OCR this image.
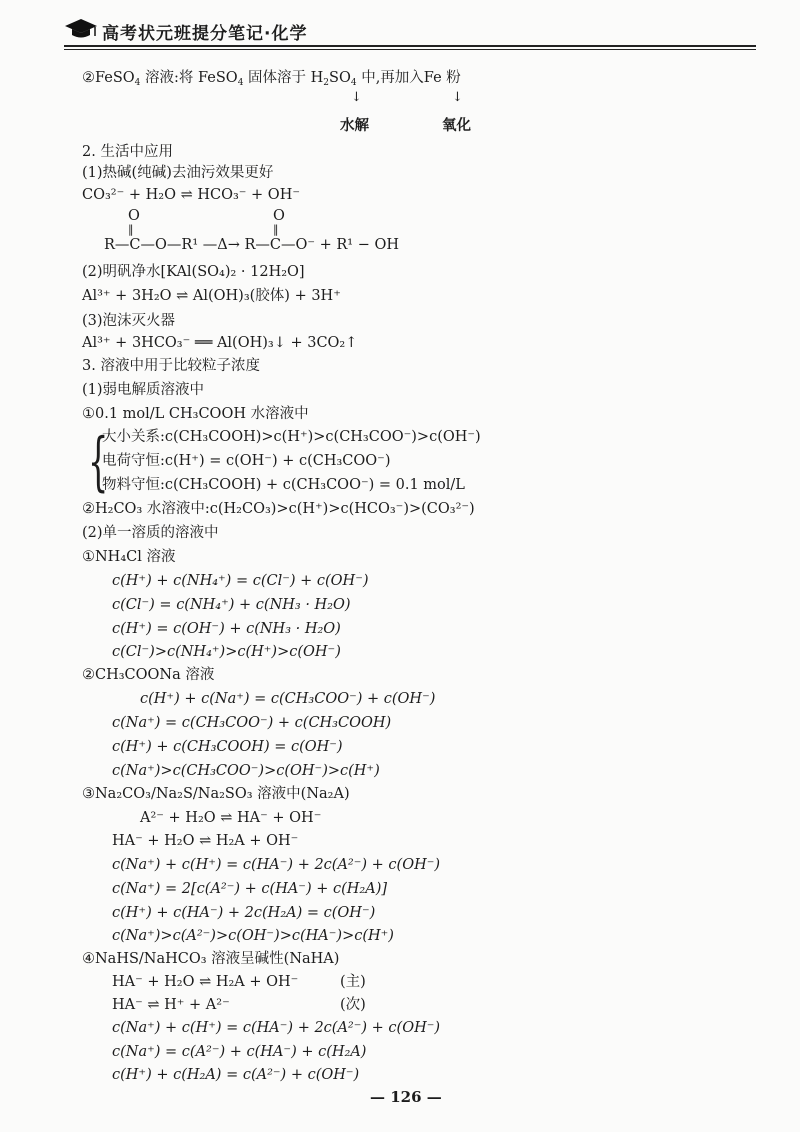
高考状元班提分笔记·化学
②FeSO$_4$ 溶液:将 FeSO$_4$ 固体溶于 $H_2SO_4$ 中,再加入Fe 粉
↓	↓
水解	氧化
2. 生活中应用
(1)热碱(纯碱)去油污效果更好
CO₃²⁻ + H₂O ⇌ HCO₃⁻ + OH⁻
O
‖
O
‖
R—C—O—R¹ —Δ→ R—C—O⁻ + R¹ − OH
(2)明矾净水[KAl(SO₄)₂ · 12H₂O]
Al³⁺ + 3H₂O ⇌ Al(OH)₃(胶体) + 3H⁺
(3)泡沫灭火器
Al³⁺ + 3HCO₃⁻ ══ Al(OH)₃↓ + 3CO₂↑
3. 溶液中用于比较粒子浓度
(1)弱电解质溶液中
①0.1 mol/L CH₃COOH 水溶液中
{
大小关系:c(CH₃COOH)>c(H⁺)>c(CH₃COO⁻)>c(OH⁻)
电荷守恒:c(H⁺) = c(OH⁻) + c(CH₃COO⁻)
物料守恒:c(CH₃COOH) + c(CH₃COO⁻) = 0.1 mol/L
②H₂CO₃ 水溶液中:c(H₂CO₃)>c(H⁺)>c(HCO₃⁻)>(CO₃²⁻)
(2)单一溶质的溶液中
①NH₄Cl 溶液
c(H⁺) + c(NH₄⁺) = c(Cl⁻) + c(OH⁻)
c(Cl⁻) = c(NH₄⁺) + c(NH₃ · H₂O)
c(H⁺) = c(OH⁻) + c(NH₃ · H₂O)
c(Cl⁻)>c(NH₄⁺)>c(H⁺)>c(OH⁻)
②CH₃COONa 溶液
c(H⁺) + c(Na⁺) = c(CH₃COO⁻) + c(OH⁻)
c(Na⁺) = c(CH₃COO⁻) + c(CH₃COOH)
c(H⁺) + c(CH₃COOH) = c(OH⁻)
c(Na⁺)>c(CH₃COO⁻)>c(OH⁻)>c(H⁺)
③Na₂CO₃/Na₂S/Na₂SO₃ 溶液中(Na₂A)
A²⁻ + H₂O ⇌ HA⁻ + OH⁻
HA⁻ + H₂O ⇌ H₂A + OH⁻
c(Na⁺) + c(H⁺) = c(HA⁻) + 2c(A²⁻) + c(OH⁻)
c(Na⁺) = 2[c(A²⁻) + c(HA⁻) + c(H₂A)]
c(H⁺) + c(HA⁻) + 2c(H₂A) = c(OH⁻)
c(Na⁺)>c(A²⁻)>c(OH⁻)>c(HA⁻)>c(H⁺)
④NaHS/NaHCO₃ 溶液呈碱性(NaHA)
HA⁻ + H₂O ⇌ H₂A + OH⁻	(主)
HA⁻ ⇌ H⁺ + A²⁻	(次)
c(Na⁺) + c(H⁺) = c(HA⁻) + 2c(A²⁻) + c(OH⁻)
c(Na⁺) = c(A²⁻) + c(HA⁻) + c(H₂A)
c(H⁺) + c(H₂A) = c(A²⁻) + c(OH⁻)
— 126 —
